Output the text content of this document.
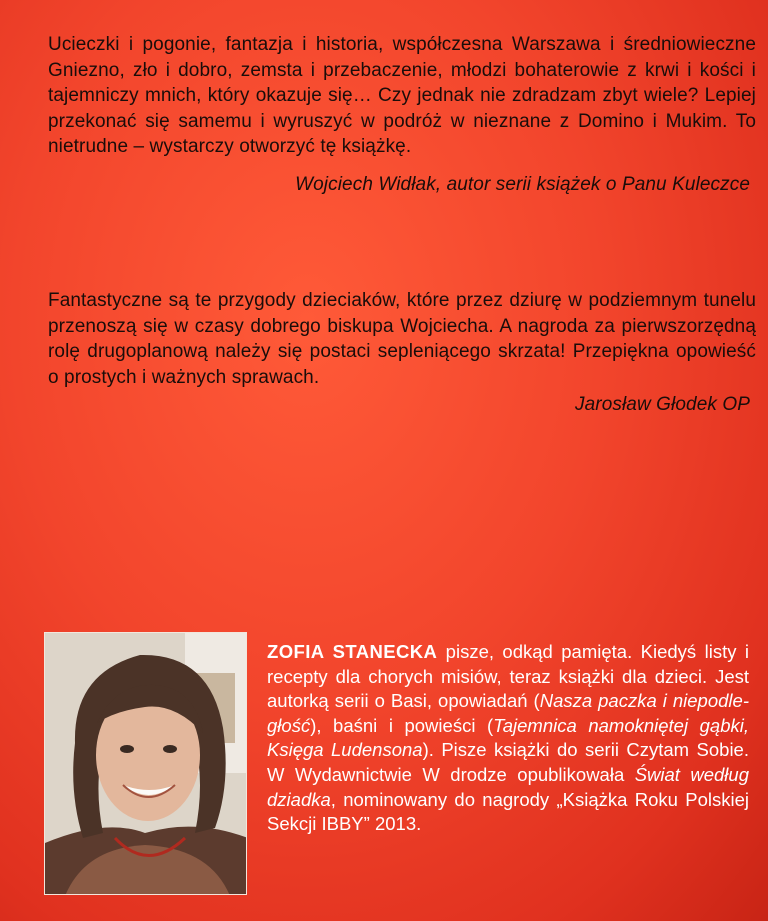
Ucieczki i pogonie, fantazja i historia, współczesna Warszawa i średniowieczne Gniezno, zło i dobro, zemsta i przebaczenie, młodzi bohaterowie z krwi i kości i tajemniczy mnich, który okazuje się… Czy jednak nie zdradzam zbyt wiele? Lepiej przekonać się samemu i wyruszyć w podróż w nieznane z Domino i Mukim. To nietrudne – wystarczy otworzyć tę książkę.

Wojciech Widłak, autor serii książek o Panu Kuleczce

Fantastyczne są te przygody dzieciaków, które przez dziurę w podziemnym tunelu przenoszą się w czasy dobrego biskupa Wojciecha. A nagroda za pierwszorzędną rolę drugoplanową należy się postaci sepleniącego skrzata! Przepiękna opowieść o prostych i ważnych sprawach.

Jarosław Głodek OP

ZOFIA STANECKA pisze, odkąd pamięta. Kiedyś listy i recepty dla chorych misiów, teraz książki dla dzieci. Jest autorką serii o Basi, opowiadań (Nasza paczka i niepodległość), baśni i powieści (Tajemnica namokniętej gąbki, Księga Ludensona). Pisze książki do serii Czytam Sobie. W Wydawnictwie W drodze opublikowała Świat według dziadka, nominowany do nagrody „Książka Roku Polskiej Sekcji IBBY” 2013.
